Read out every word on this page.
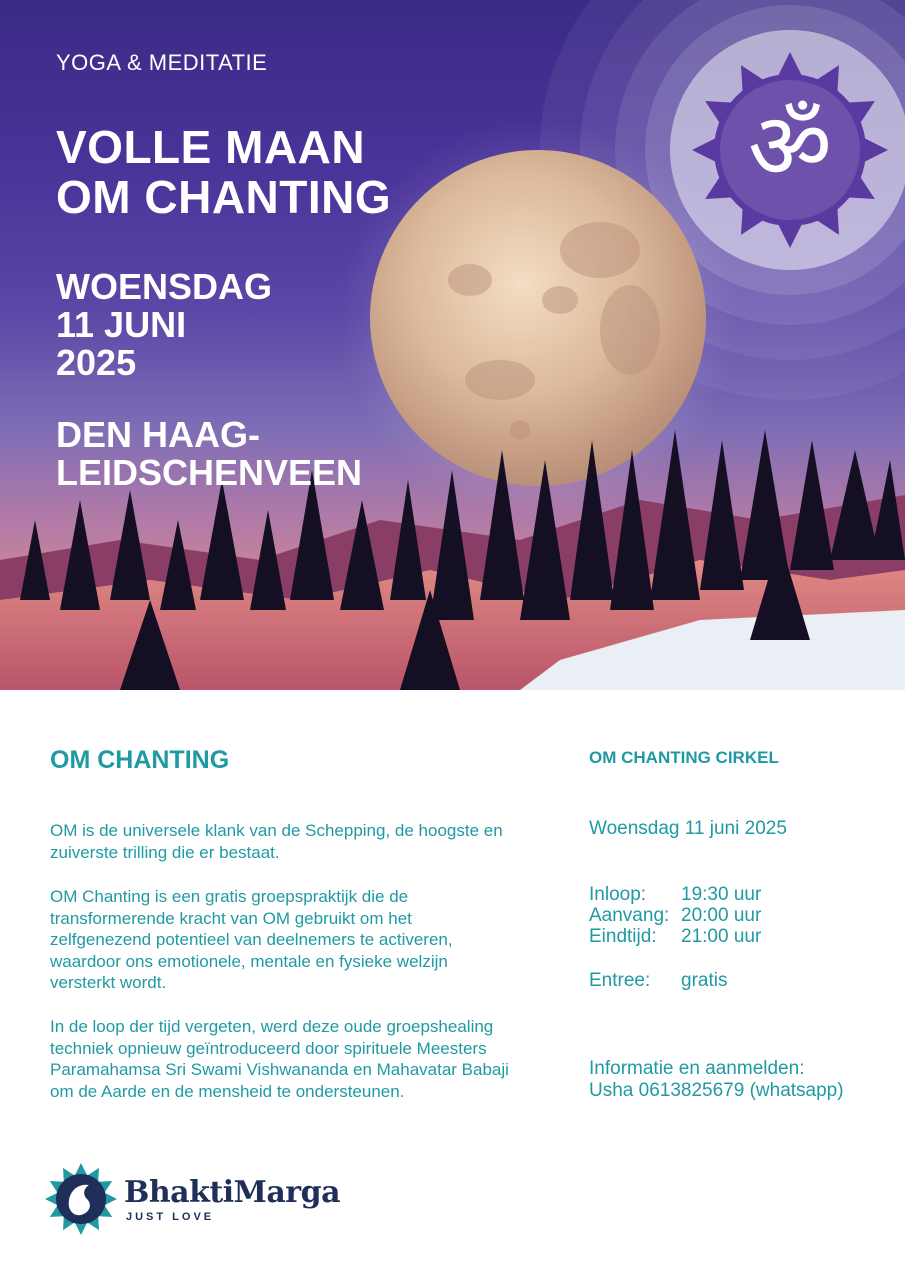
ॐ
YOGA & MEDITATIE
VOLLE MAAN
OM CHANTING
WOENSDAG
11 JUNI
2025
DEN HAAG-
LEIDSCHENVEEN
OM CHANTING
OM is de universele klank van de Schepping, de hoogste en
zuiverste trilling die er bestaat.
OM Chanting is een gratis groepspraktijk die de
transformerende kracht van OM gebruikt om het
zelfgenezend potentieel van deelnemers te activeren,
waardoor ons emotionele, mentale en fysieke welzijn
versterkt wordt.
In de loop der tijd vergeten, werd deze oude groepshealing
techniek opnieuw geïntroduceerd door spirituele Meesters
Paramahamsa Sri Swami Vishwananda en Mahavatar Babaji
om de Aarde en de mensheid te ondersteunen.
OM CHANTING CIRKEL
Woensdag 11 juni 2025
Inloop:	19:30 uur
Aanvang: 20:00 uur
Eindtijd:	21:00 uur
Entree:	gratis
Informatie en aanmelden:
Usha 0613825679 (whatsapp)
BhaktiMarga
JUST LOVE
